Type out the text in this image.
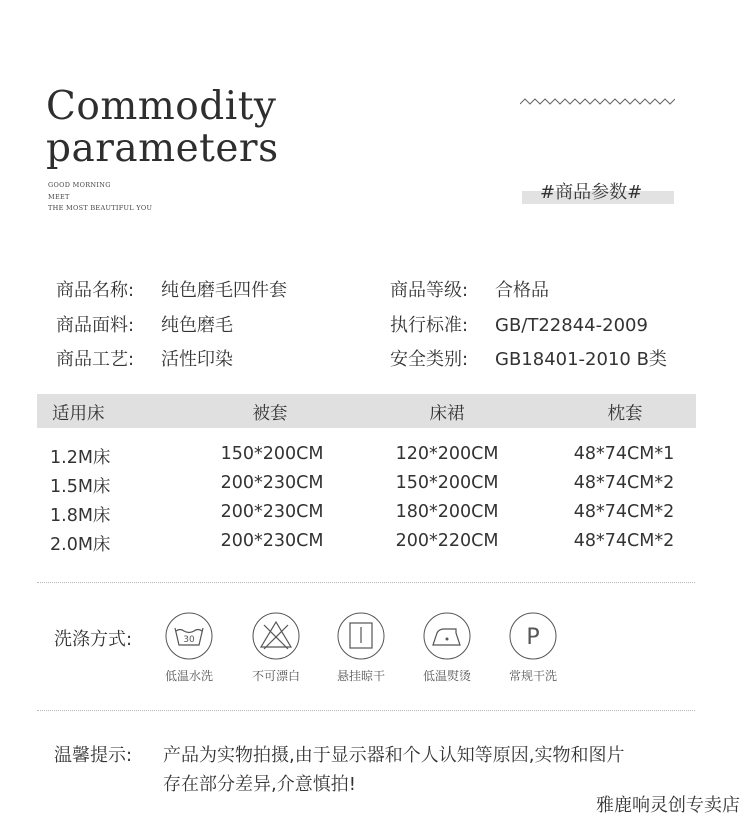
Commodity
parameters
GOOD MORNING
MEET
THE MOST BEAUTIFUL YOU
#商品参数#
商品名称: 纯色磨毛四件套
商品面料: 纯色磨毛
商品工艺: 活性印染
商品等级: 合格品
执行标准: GB/T22844-2009
安全类别: GB18401-2010 B类
适用床	被套	床裙	枕套
1.2M床	150*200CM	120*200CM	48*74CM*1
1.5M床	200*230CM	150*200CM	48*74CM*2
1.8M床	200*230CM	180*200CM	48*74CM*2
2.0M床	200*230CM	200*220CM	48*74CM*2
洗涤方式:	30	P
低温水洗	不可漂白	悬挂晾干	低温熨烫	常规干洗
温馨提示: 产品为实物拍摄,由于显示器和个人认知等原因,实物和图片
存在部分差异,介意慎拍!
雅鹿响灵创专卖店
